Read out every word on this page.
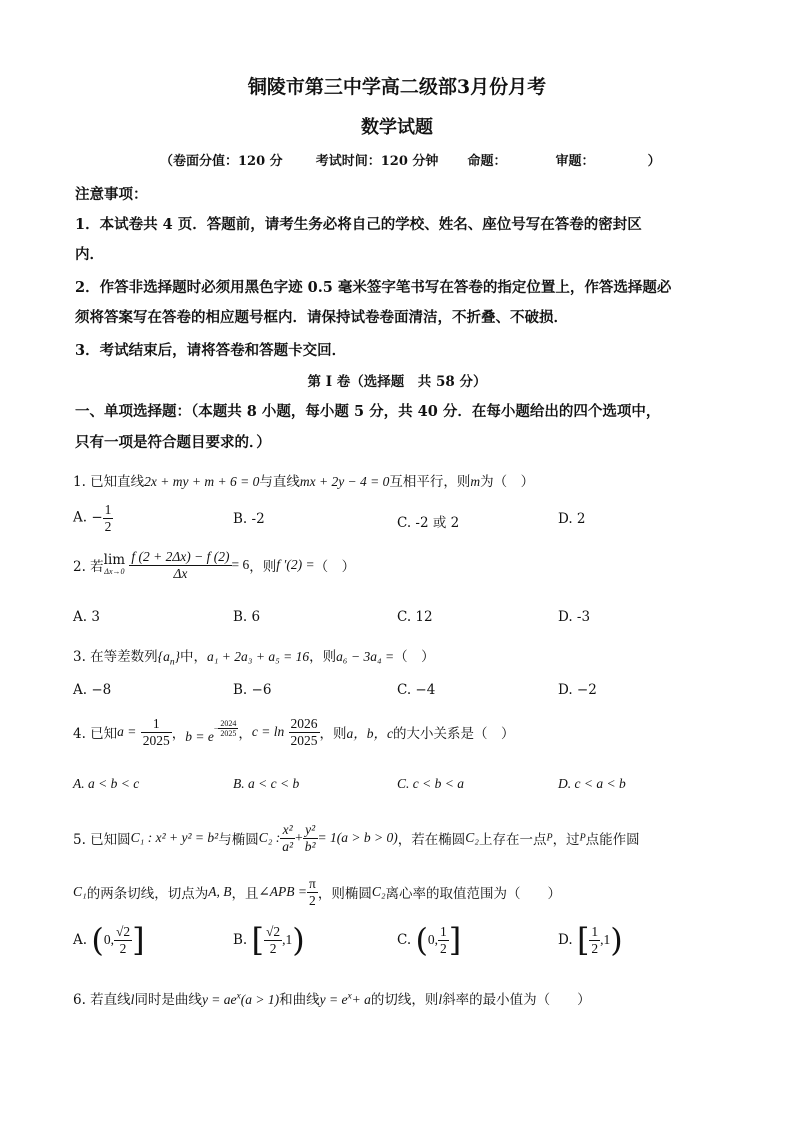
铜陵市第三中学高二级部3月份月考
数学试题
（卷面分值：120 分	考试时间：120 分钟 命题：	审题：	）
注意事项：
1．本试卷共 4 页．答题前，请考生务必将自己的学校、姓名、座位号写在答卷的密封区
内．
2．作答非选择题时必须用黑色字迹 0.5 毫米签字笔书写在答卷的指定位置上，作答选择题必
须将答案写在答卷的相应题号框内．请保持试卷卷面清洁，不折叠、不破损．
3．考试结束后，请将答卷和答题卡交回．
第 I 卷（选择题　共 58 分）
一、单项选择题：（本题共 8 小题，每小题 5 分，共 40 分．在每小题给出的四个选项中，
只有一项是符合题目要求的．）
1. 已知直线2x + my + m + 6 = 0与直线mx + 2y − 4 = 0互相平行，则m为（　）
A. − $\frac{1}{2}$	B. -2	C. -2 或 2	D. 2
2. 若 lim
Δx→0
$\frac{f (2 + 2\Delta x) - f (2)}{\Delta x} = 6$，则f ′(2) =（　）
A. 3	B. 6	C. 12	D. -3
3. 在等差数列$\{a_n\}$中，a₁ + 2a₃ + a₅ = 16，则a₆ − 3a₄ =（　）
A. −8	B. −6	C. −4	D. −2
4. 已知$a = \frac{1}{2025}$ ，$b = e- \frac{2024}{2025}$ ，$c = \ln \frac{2026}{2025}$ ，则a，b，c的大小关系是（　）
A. a < b < c	B. a < c < b	C. c < b < a	D. c < a < b
5. 已知圆C₁ : x² + y² = b²与椭圆C₂ : $\frac{\text{x²}}{\text{a²}} + \frac{\text{y²}}{\text{b²}} = 1(a > b > 0)$，若在椭圆C₂上存在一点P，过P点能作圆
C₁的两条切线，切点为A, B，且∠APB = $\frac{\pi}{2}$ ，则椭圆C₂离心率的取值范围为（　　）
A. (0, $\frac{√2}{2}$ ]	B. [ $\frac{√2}{2} ,1$)	C. (0, $\frac{1}{2}$ ]	D. [ $\frac{1}{2} ,1$)
6. 若直线l同时是曲线$y = ae^x(a > 1)$和曲线$y = e^x+ a$的切线，则l斜率的最小值为（　　）
